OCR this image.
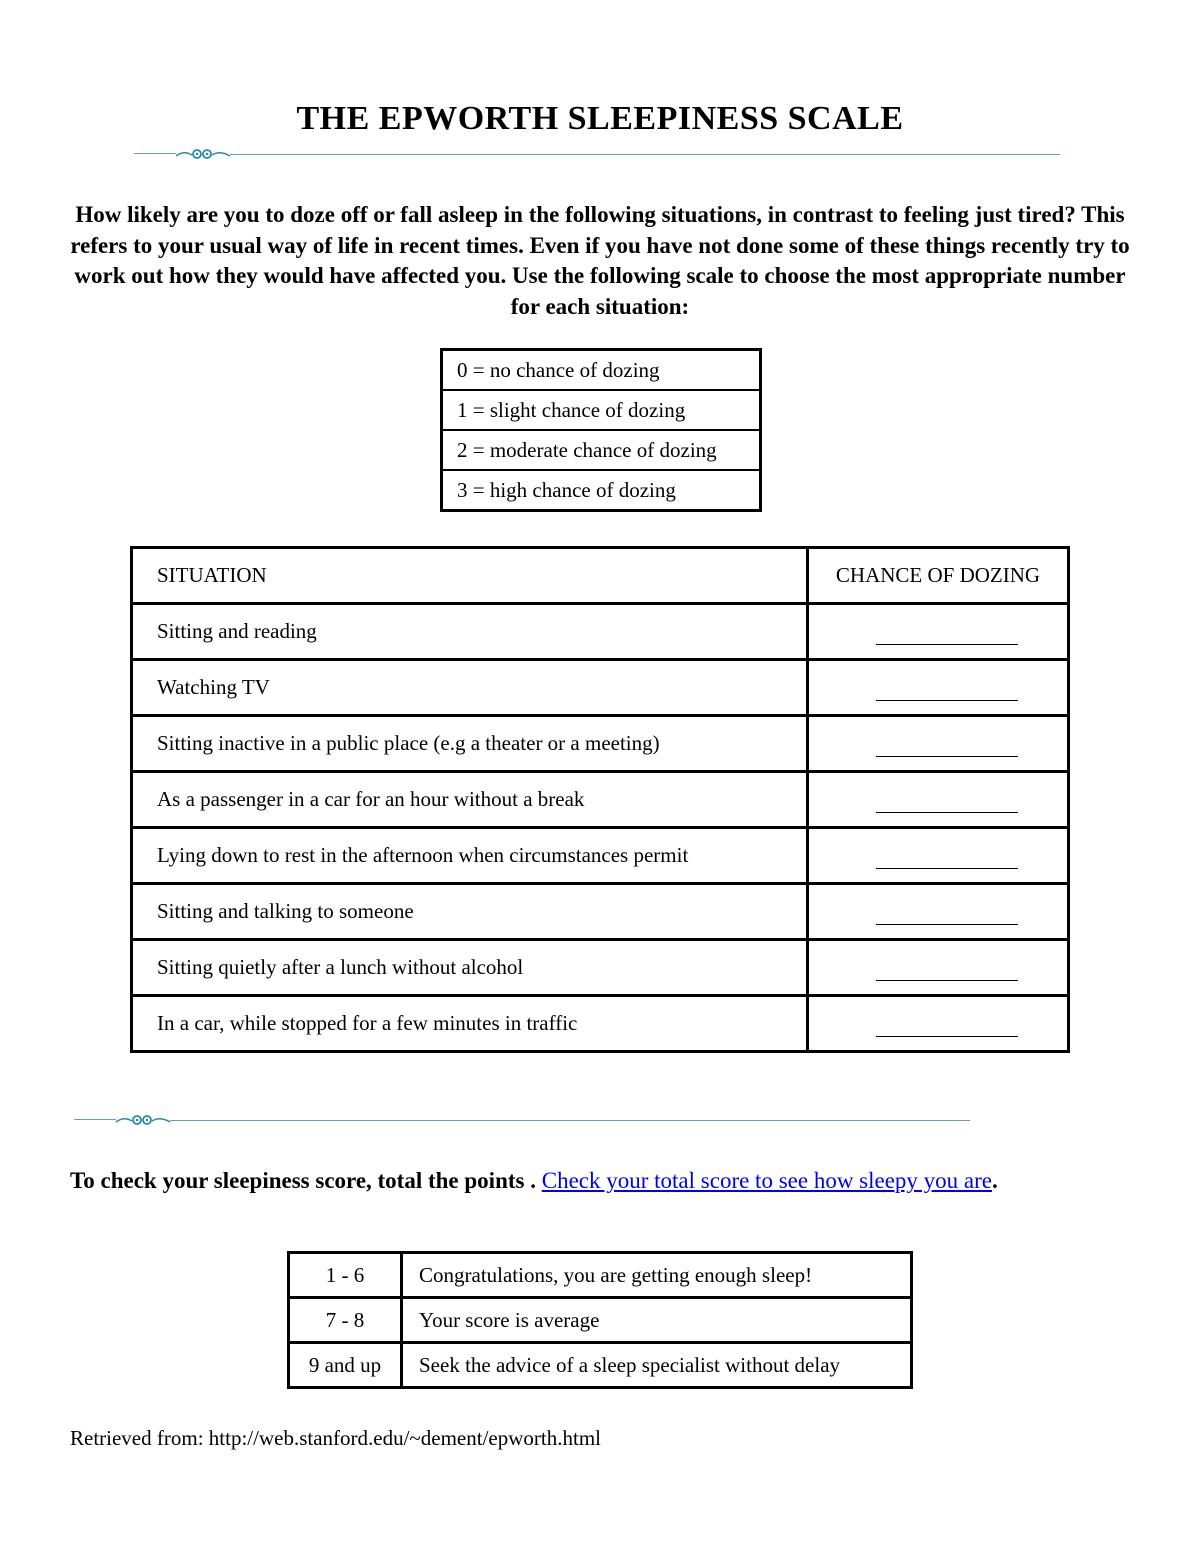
THE EPWORTH SLEEPINESS SCALE
How likely are you to doze off or fall asleep in the following situations, in contrast to feeling just tired? This refers to your usual way of life in recent times. Even if you have not done some of these things recently try to work out how they would have affected you. Use the following scale to choose the most appropriate number for each situation:
0 = no chance of dozing
1 = slight chance of dozing
2 = moderate chance of dozing
3 = high chance of dozing
SITUATION	CHANCE OF DOZING
Sitting and reading	
Watching TV	
Sitting inactive in a public place (e.g a theater or a meeting)	
As a passenger in a car for an hour without a break	
Lying down to rest in the afternoon when circumstances permit	
Sitting and talking to someone	
Sitting quietly after a lunch without alcohol	
In a car, while stopped for a few minutes in traffic	
To check your sleepiness score, total the points . Check your total score to see how sleepy you are.
1 - 6	Congratulations, you are getting enough sleep!
7 - 8	Your score is average
9 and up	Seek the advice of a sleep specialist without delay
Retrieved from: http://web.stanford.edu/~dement/epworth.html
